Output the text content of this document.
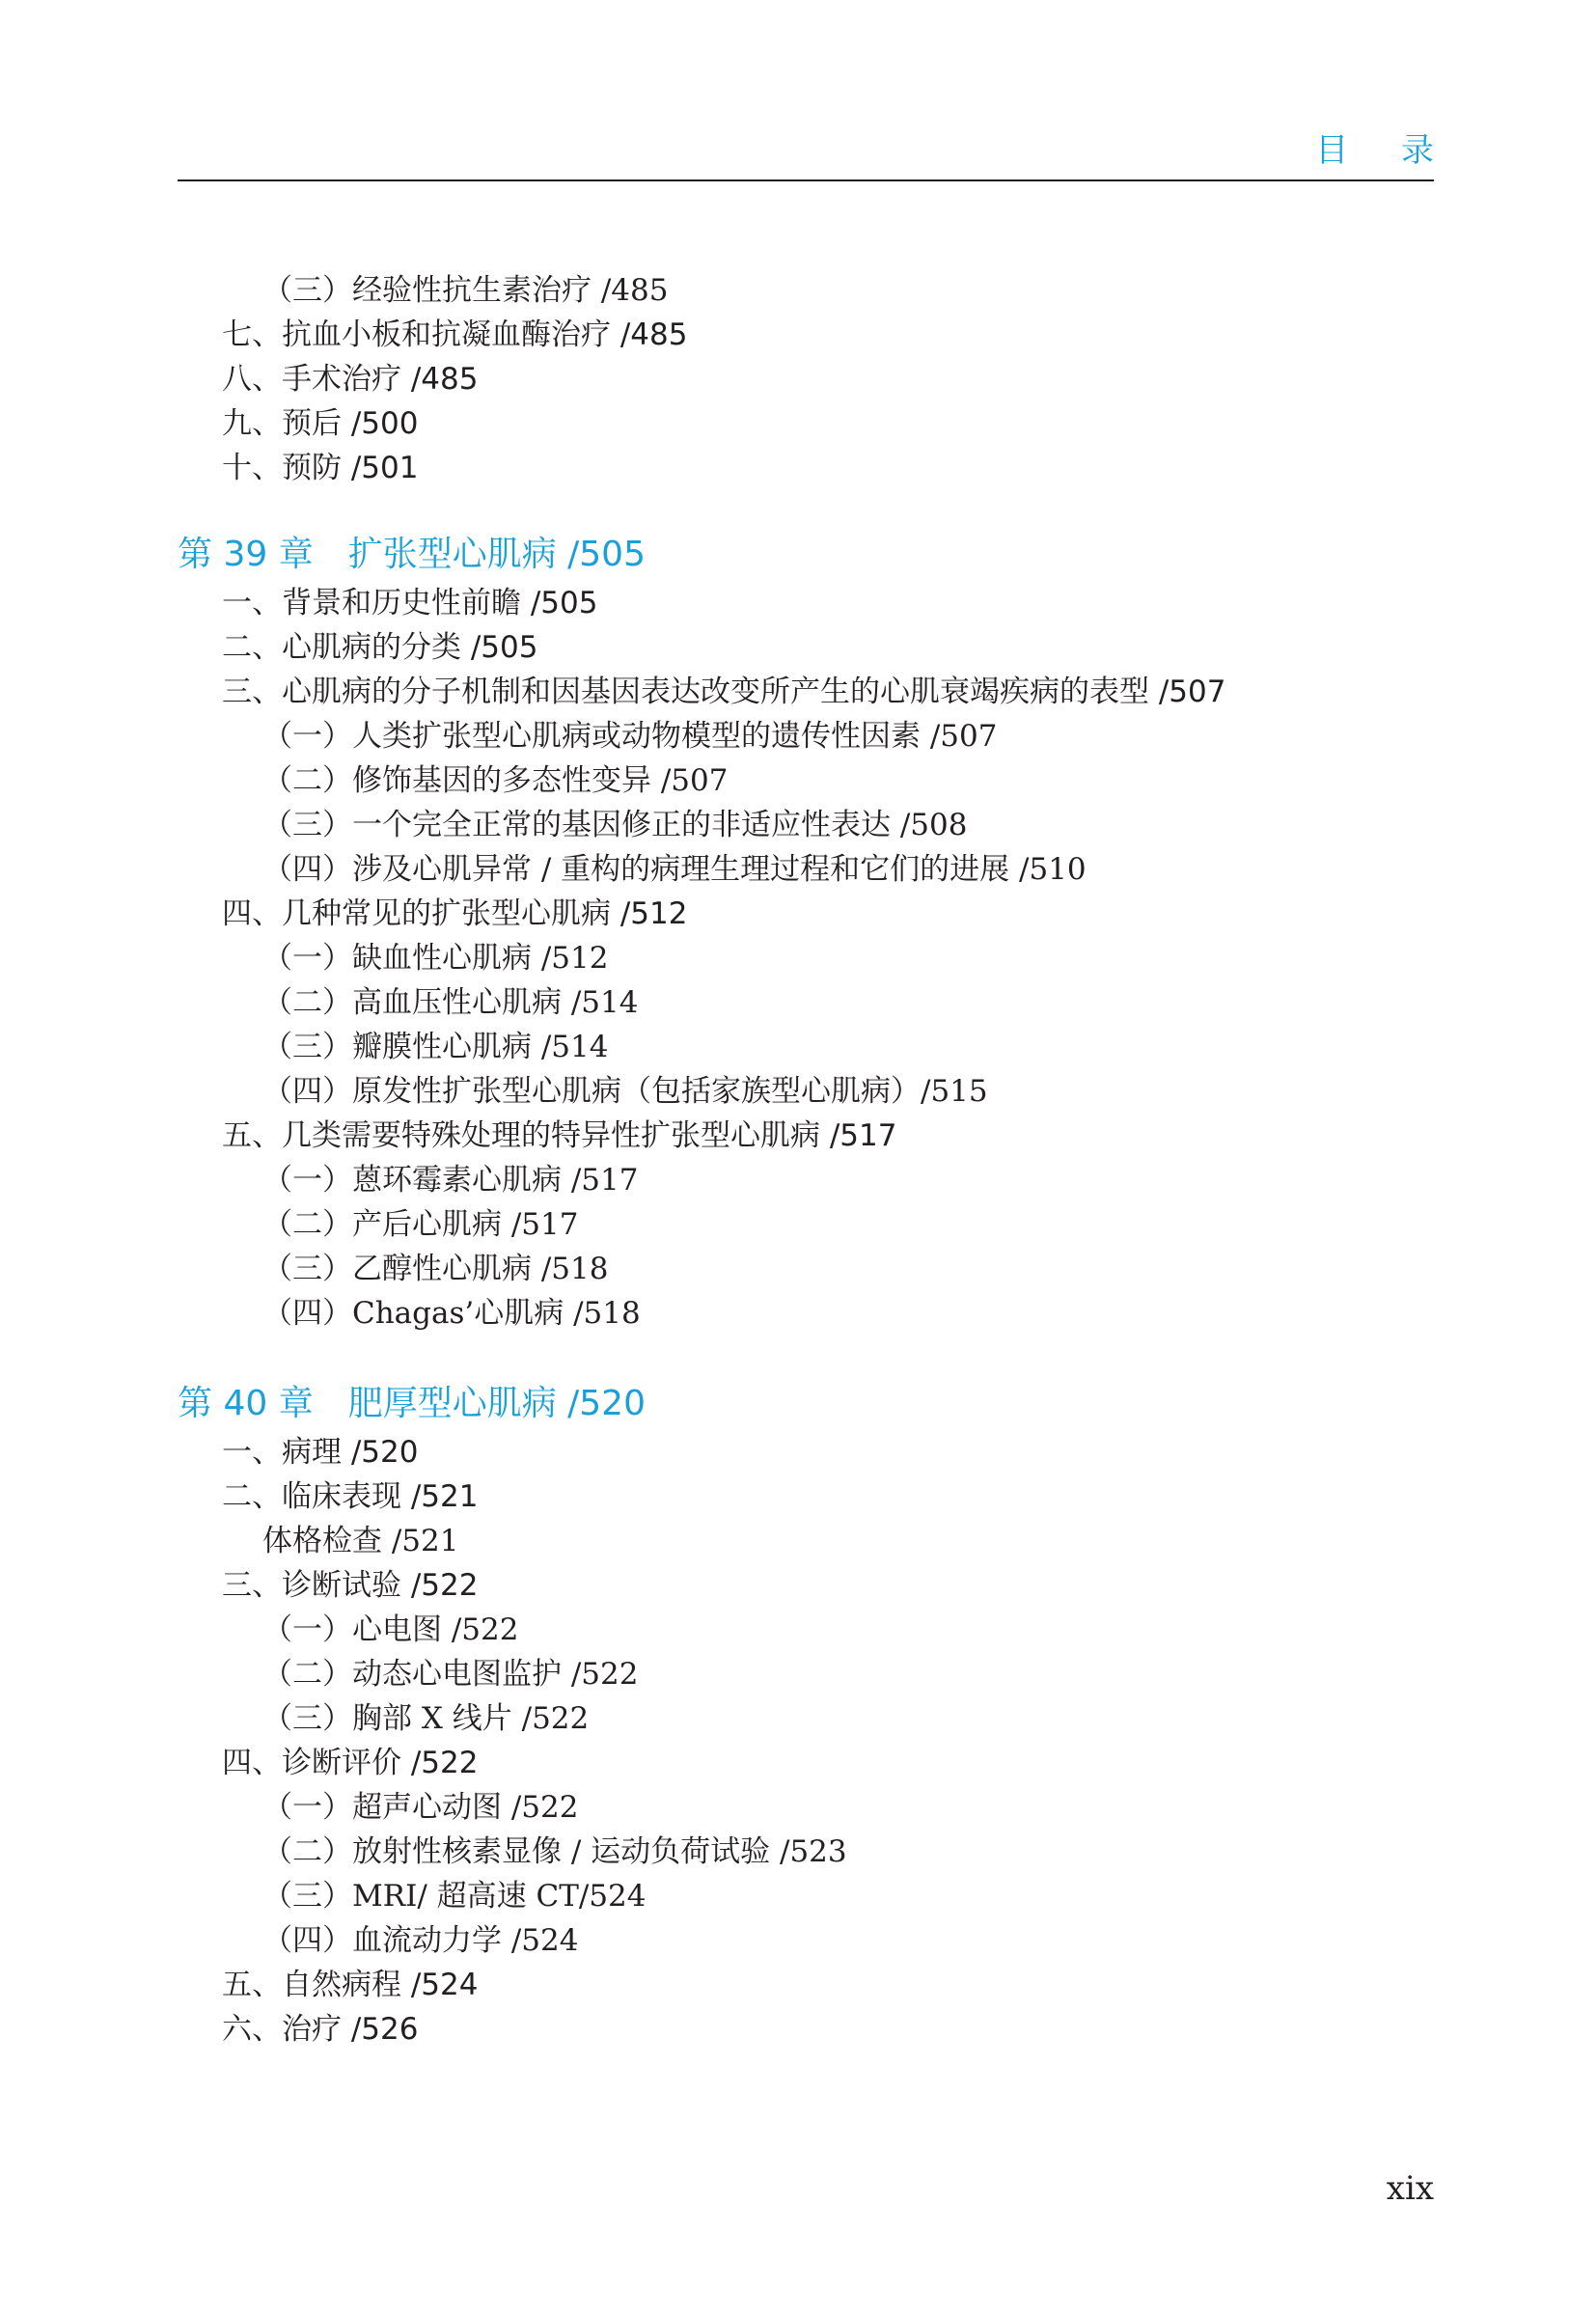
目 录
（三）经验性抗生素治疗 /485
七、抗血小板和抗凝血酶治疗 /485
八、手术治疗 /485
九、预后 /500
十、预防 /501
第 39 章　扩张型心肌病 /505
一、背景和历史性前瞻 /505
二、心肌病的分类 /505
三、心肌病的分子机制和因基因表达改变所产生的心肌衰竭疾病的表型 /507
（一）人类扩张型心肌病或动物模型的遗传性因素 /507
（二）修饰基因的多态性变异 /507
（三）一个完全正常的基因修正的非适应性表达 /508
（四）涉及心肌异常 / 重构的病理生理过程和它们的进展 /510
四、几种常见的扩张型心肌病 /512
（一）缺血性心肌病 /512
（二）高血压性心肌病 /514
（三）瓣膜性心肌病 /514
（四）原发性扩张型心肌病（包括家族型心肌病）/515
五、几类需要特殊处理的特异性扩张型心肌病 /517
（一）蒽环霉素心肌病 /517
（二）产后心肌病 /517
（三）乙醇性心肌病 /518
（四）Chagas’心肌病 /518
第 40 章　肥厚型心肌病 /520
一、病理 /520
二、临床表现 /521
体格检查 /521
三、诊断试验 /522
（一）心电图 /522
（二）动态心电图监护 /522
（三）胸部 X 线片 /522
四、诊断评价 /522
（一）超声心动图 /522
（二）放射性核素显像 / 运动负荷试验 /523
（三）MRI/ 超高速 CT/524
（四）血流动力学 /524
五、自然病程 /524
六、治疗 /526
xix
